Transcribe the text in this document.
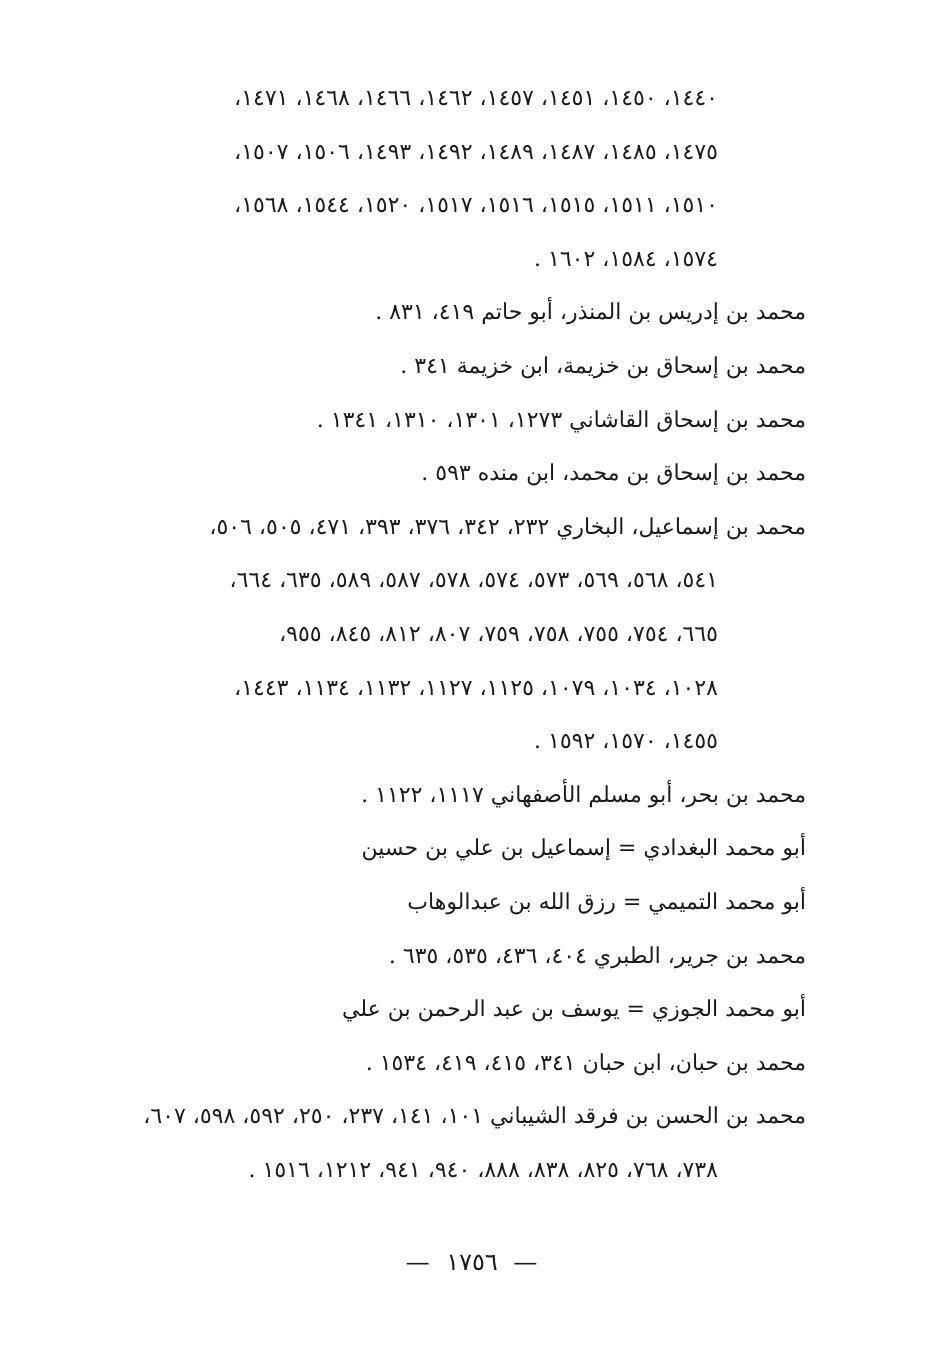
١٤٤٠، ١٤٥٠، ١٤٥١، ١٤٥٧، ١٤٦٢، ١٤٦٦، ١٤٦٨، ١٤٧١،
١٤٧٥، ١٤٨٥، ١٤٨٧، ١٤٨٩، ١٤٩٢، ١٤٩٣، ١٥٠٦، ١٥٠٧،
١٥١٠، ١٥١١، ١٥١٥، ١٥١٦، ١٥١٧، ١٥٢٠، ١٥٤٤، ١٥٦٨،
١٥٧٤، ١٥٨٤، ١٦٠٢ .
محمد بن إدريس بن المنذر، أبو حاتم ٤١٩، ٨٣١ .
محمد بن إسحاق بن خزيمة، ابن خزيمة ٣٤١ .
محمد بن إسحاق القاشاني ١٢٧٣، ١٣٠١، ١٣١٠، ١٣٤١ .
محمد بن إسحاق بن محمد، ابن منده ٥٩٣ .
محمد بن إسماعيل، البخاري ٢٣٢، ٣٤٢، ٣٧٦، ٣٩٣، ٤٧١، ٥٠٥، ٥٠٦،
٥٤١، ٥٦٨، ٥٦٩، ٥٧٣، ٥٧٤، ٥٧٨، ٥٨٧، ٥٨٩، ٦٣٥، ٦٦٤،
٦٦٥، ٧٥٤، ٧٥٥، ٧٥٨، ٧٥٩، ٨٠٧، ٨١٢، ٨٤٥، ٩٥٥،
١٠٢٨، ١٠٣٤، ١٠٧٩، ١١٢٥، ١١٢٧، ١١٣٢، ١١٣٤، ١٤٤٣،
١٤٥٥، ١٥٧٠، ١٥٩٢ .
محمد بن بحر، أبو مسلم الأصفهاني ١١١٧، ١١٢٢ .
أبو محمد البغدادي = إسماعيل بن علي بن حسين
أبو محمد التميمي = رزق الله بن عبدالوهاب
محمد بن جرير، الطبري ٤٠٤، ٤٣٦، ٥٣٥، ٦٣٥ .
أبو محمد الجوزي = يوسف بن عبد الرحمن بن علي
محمد بن حبان، ابن حبان ٣٤١، ٤١٥، ٤١٩، ١٥٣٤ .
محمد بن الحسن بن فرقد الشيباني ١٠١، ١٤١، ٢٣٧، ٢٥٠، ٥٩٢، ٥٩٨، ٦٠٧،
٧٣٨، ٧٦٨، ٨٢٥، ٨٣٨، ٨٨٨، ٩٤٠، ٩٤١، ١٢١٢، ١٥١٦ .
— ١٧٥٦ —
